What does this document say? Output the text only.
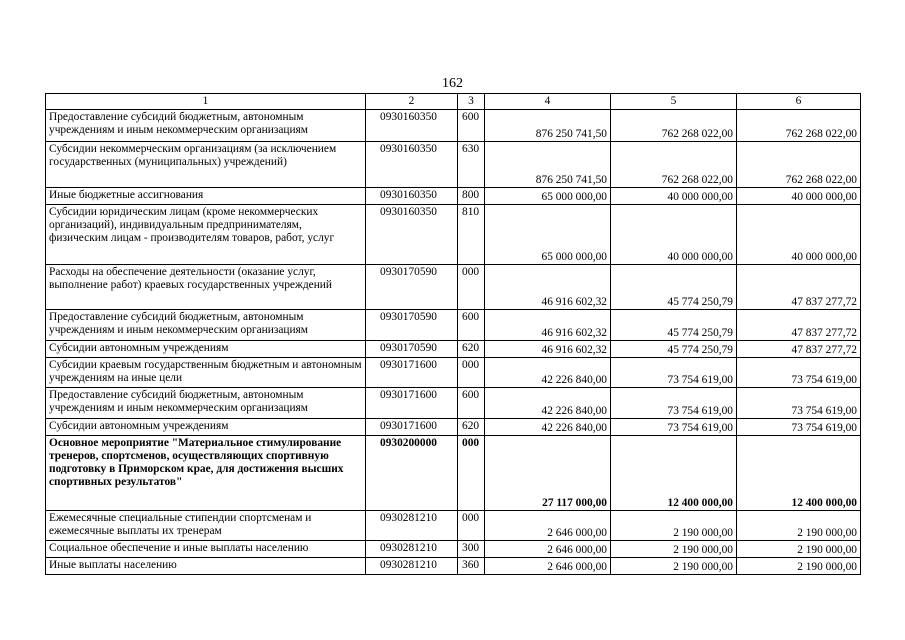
162
1	2	3	4	5	6
Предоставление субсидий бюджетным, автономным учреждениям и иным некоммерческим организациям	0930160350	600	876 250 741,50	762 268 022,00	762 268 022,00
Субсидии некоммерческим организациям (за исключением государственных (муниципальных) учреждений)	0930160350	630	876 250 741,50	762 268 022,00	762 268 022,00
Иные бюджетные ассигнования	0930160350	800	65 000 000,00	40 000 000,00	40 000 000,00
Субсидии юридическим лицам (кроме некоммерческих организаций), индивидуальным предпринимателям, физическим лицам - производителям товаров, работ, услуг	0930160350	810	65 000 000,00	40 000 000,00	40 000 000,00
Расходы на обеспечение деятельности (оказание услуг, выполнение работ) краевых государственных учреждений	0930170590	000	46 916 602,32	45 774 250,79	47 837 277,72
Предоставление субсидий бюджетным, автономным учреждениям и иным некоммерческим организациям	0930170590	600	46 916 602,32	45 774 250,79	47 837 277,72
Субсидии автономным учреждениям	0930170590	620	46 916 602,32	45 774 250,79	47 837 277,72
Субсидии краевым государственным бюджетным и автономным учреждениям на иные цели	0930171600	000	42 226 840,00	73 754 619,00	73 754 619,00
Предоставление субсидий бюджетным, автономным учреждениям и иным некоммерческим организациям	0930171600	600	42 226 840,00	73 754 619,00	73 754 619,00
Субсидии автономным учреждениям	0930171600	620	42 226 840,00	73 754 619,00	73 754 619,00
Основное мероприятие "Материальное стимулирование тренеров, спортсменов, осуществляющих спортивную подготовку в Приморском крае, для достижения высших спортивных результатов"	0930200000	000	27 117 000,00	12 400 000,00	12 400 000,00
Ежемесячные специальные стипендии спортсменам и ежемесячные выплаты их тренерам	0930281210	000	2 646 000,00	2 190 000,00	2 190 000,00
Социальное обеспечение и иные выплаты населению	0930281210	300	2 646 000,00	2 190 000,00	2 190 000,00
Иные выплаты населению	0930281210	360	2 646 000,00	2 190 000,00	2 190 000,00
